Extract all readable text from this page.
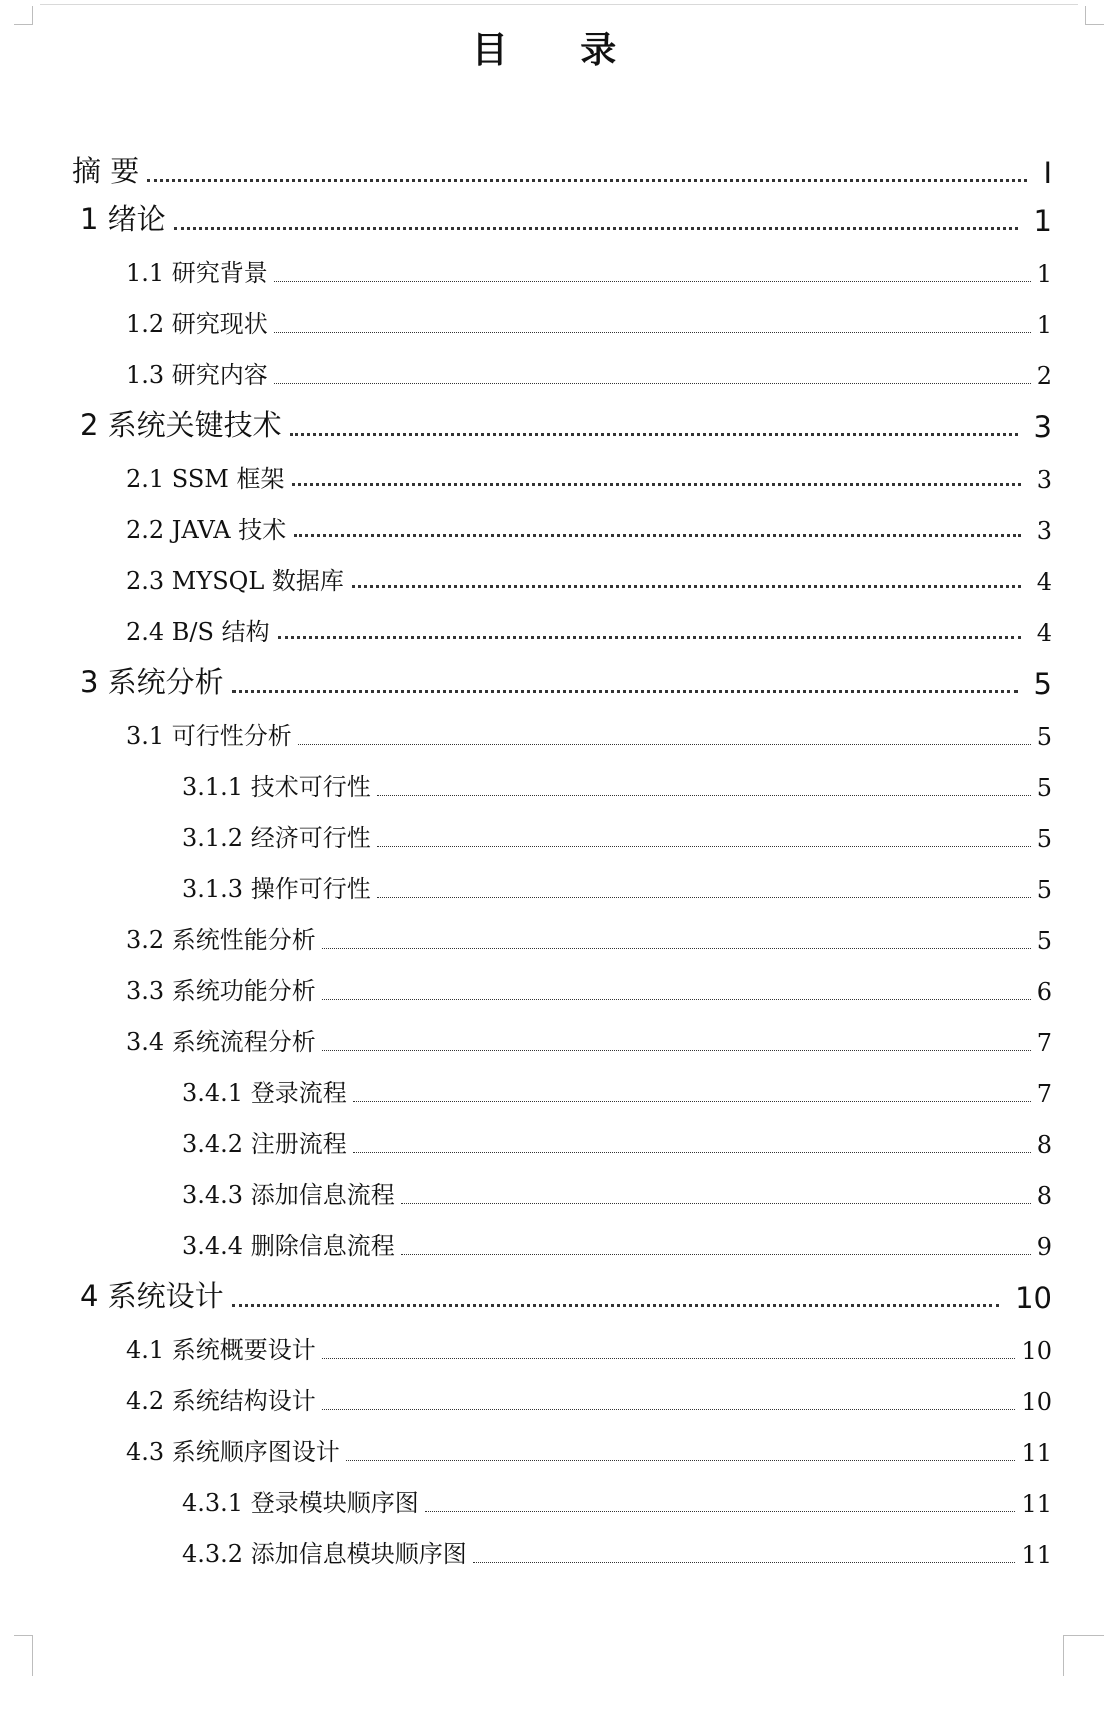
目 录
摘 要	I
1 绪论	1
1.1 研究背景	1
1.2 研究现状	1
1.3 研究内容	2
2 系统关键技术	3
2.1 SSM 框架	3
2.2 JAVA 技术	3
2.3 MYSQL 数据库	4
2.4 B/S 结构	4
3 系统分析	5
3.1 可行性分析	5
3.1.1 技术可行性	5
3.1.2 经济可行性	5
3.1.3 操作可行性	5
3.2 系统性能分析	5
3.3 系统功能分析	6
3.4 系统流程分析	7
3.4.1 登录流程	7
3.4.2 注册流程	8
3.4.3 添加信息流程	8
3.4.4 删除信息流程	9
4 系统设计	10
4.1 系统概要设计	10
4.2 系统结构设计	10
4.3 系统顺序图设计	11
4.3.1 登录模块顺序图	11
4.3.2 添加信息模块顺序图	11
